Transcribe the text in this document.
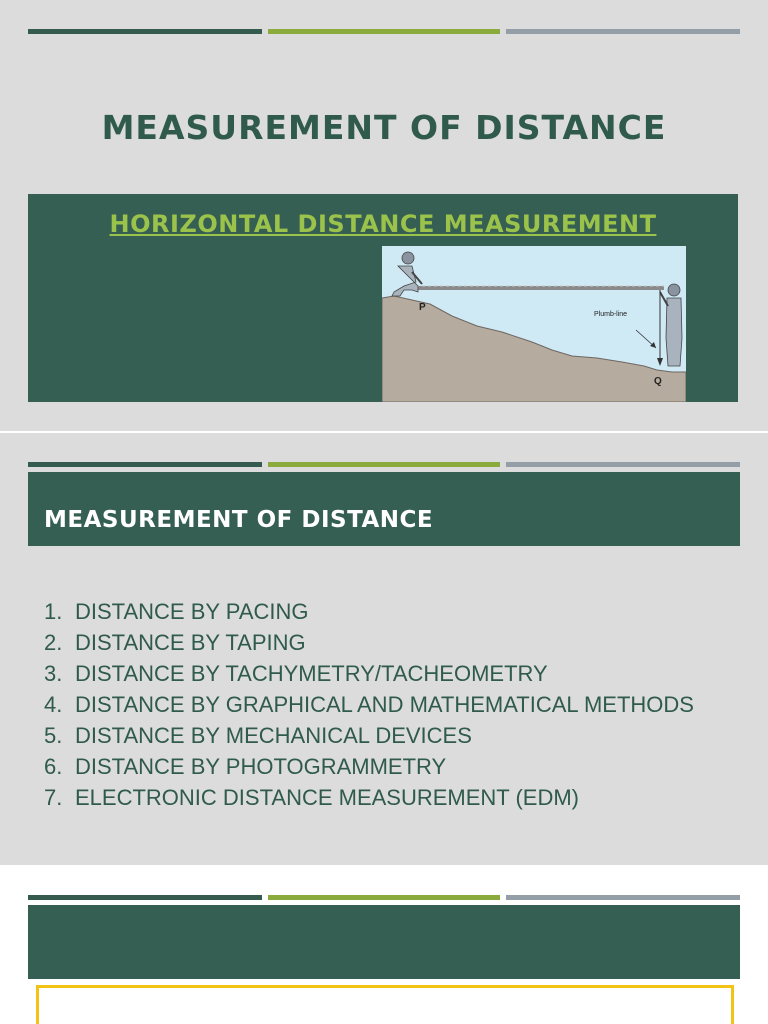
MEASUREMENT OF DISTANCE
HORIZONTAL DISTANCE MEASUREMENT
Plumb-line
P
Q
MEASUREMENT OF DISTANCE
1. DISTANCE BY PACING
2. DISTANCE BY TAPING
3. DISTANCE BY TACHYMETRY/TACHEOMETRY
4. DISTANCE BY GRAPHICAL AND MATHEMATICAL METHODS
5. DISTANCE BY MECHANICAL DEVICES
6. DISTANCE BY PHOTOGRAMMETRY
7. ELECTRONIC DISTANCE MEASUREMENT (EDM)
